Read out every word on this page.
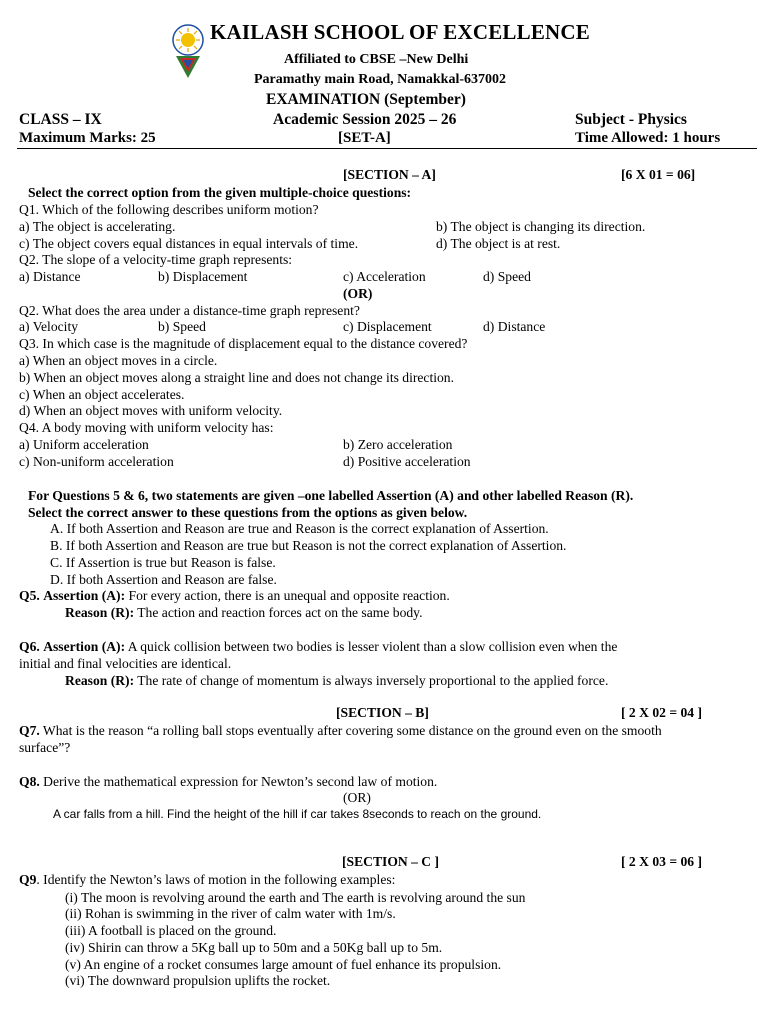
KAILASH SCHOOL OF EXCELLENCE
Affiliated to CBSE –New Delhi
Paramathy main Road, Namakkal-637002
EXAMINATION (September)
CLASS – IX	Academic Session 2025 – 26	Subject - Physics
Maximum Marks: 25	[SET-A]	Time Allowed: 1 hours
[SECTION – A]	[6 X 01 = 06]
Select the correct option from the given multiple-choice questions:
Q1. Which of the following describes uniform motion?
a) The object is accelerating.	b) The object is changing its direction.
c) The object covers equal distances in equal intervals of time.	d) The object is at rest.
Q2. The slope of a velocity-time graph represents:
a) Distance	b) Displacement	c) Acceleration	d) Speed
(OR)
Q2. What does the area under a distance-time graph represent?
a) Velocity	b) Speed	c) Displacement	d) Distance
Q3. In which case is the magnitude of displacement equal to the distance covered?
a) When an object moves in a circle.
b) When an object moves along a straight line and does not change its direction.
c) When an object accelerates.
d) When an object moves with uniform velocity.
Q4. A body moving with uniform velocity has:
a) Uniform acceleration	b) Zero acceleration
c) Non-uniform acceleration	d) Positive acceleration
For Questions 5 & 6, two statements are given –one labelled Assertion (A) and other labelled Reason (R).
Select the correct answer to these questions from the options as given below.
A. If both Assertion and Reason are true and Reason is the correct explanation of Assertion.
B. If both Assertion and Reason are true but Reason is not the correct explanation of Assertion.
C. If Assertion is true but Reason is false.
D. If both Assertion and Reason are false.
Q5. Assertion (A): For every action, there is an unequal and opposite reaction.
Reason (R): The action and reaction forces act on the same body.
Q6. Assertion (A): A quick collision between two bodies is lesser violent than a slow collision even when the
initial and final velocities are identical.
Reason (R): The rate of change of momentum is always inversely proportional to the applied force.
[SECTION – B]	[ 2 X 02 = 04 ]
Q7. What is the reason “a rolling ball stops eventually after covering some distance on the ground even on the smooth
surface”?
Q8. Derive the mathematical expression for Newton’s second law of motion.
(OR)
A car falls from a hill. Find the height of the hill if car takes 8seconds to reach on the ground.
[SECTION – C ]	[ 2 X 03 = 06 ]
Q9. Identify the Newton’s laws of motion in the following examples:
(i) The moon is revolving around the earth and The earth is revolving around the sun
(ii) Rohan is swimming in the river of calm water with 1m/s.
(iii) A football is placed on the ground.
(iv) Shirin can throw a 5Kg ball up to 50m and a 50Kg ball up to 5m.
(v) An engine of a rocket consumes large amount of fuel enhance its propulsion.
(vi) The downward propulsion uplifts the rocket.
